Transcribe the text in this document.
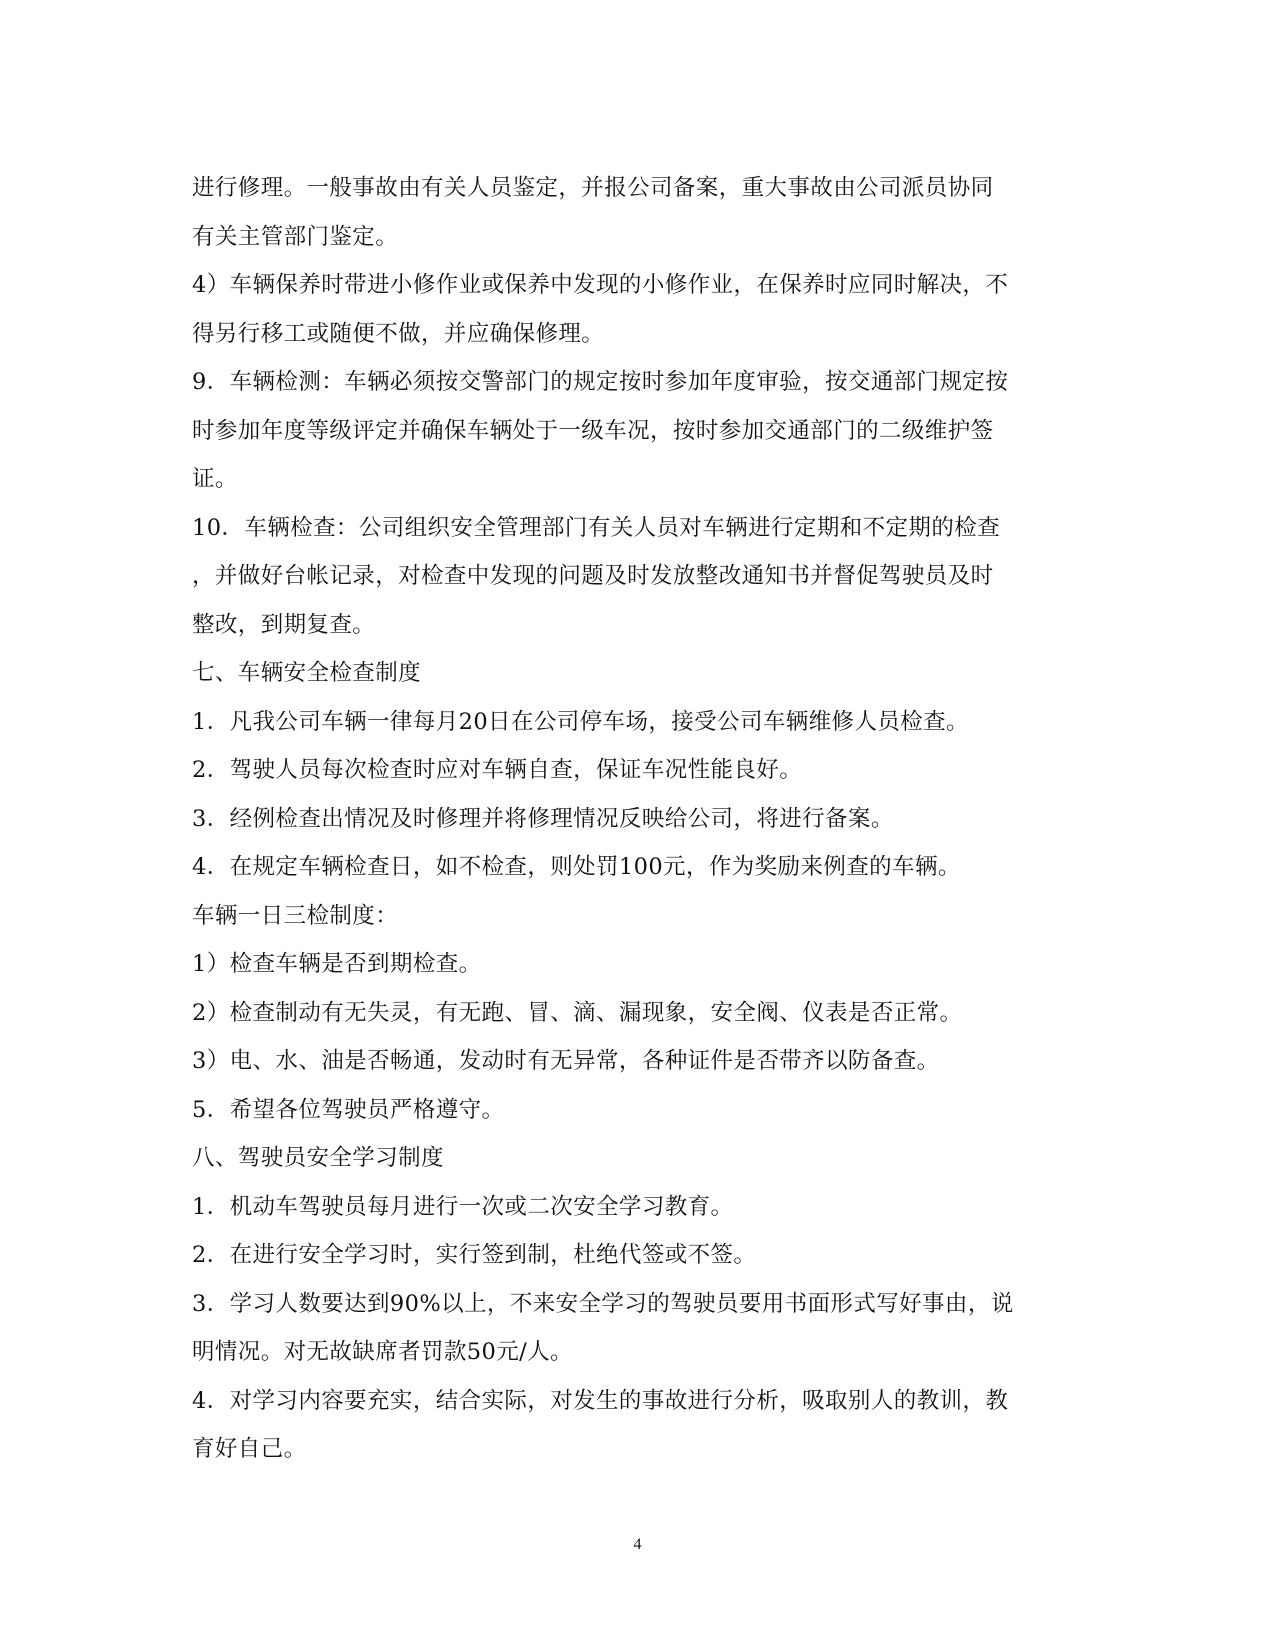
进行修理。一般事故由有关人员鉴定，并报公司备案，重大事故由公司派员协同
有关主管部门鉴定。
4）车辆保养时带进小修作业或保养中发现的小修作业，在保养时应同时解决，不
得另行移工或随便不做，并应确保修理。
9．车辆检测：车辆必须按交警部门的规定按时参加年度审验，按交通部门规定按
时参加年度等级评定并确保车辆处于一级车况，按时参加交通部门的二级维护签
证。
10．车辆检查：公司组织安全管理部门有关人员对车辆进行定期和不定期的检查
，并做好台帐记录，对检查中发现的问题及时发放整改通知书并督促驾驶员及时
整改，到期复查。
七、车辆安全检查制度
1．凡我公司车辆一律每月20日在公司停车场，接受公司车辆维修人员检查。
2．驾驶人员每次检查时应对车辆自查，保证车况性能良好。
3．经例检查出情况及时修理并将修理情况反映给公司，将进行备案。
4．在规定车辆检查日，如不检查，则处罚100元，作为奖励来例查的车辆。
车辆一日三检制度：
1）检查车辆是否到期检查。
2）检查制动有无失灵，有无跑、冒、滴、漏现象，安全阀、仪表是否正常。
3）电、水、油是否畅通，发动时有无异常，各种证件是否带齐以防备查。
5．希望各位驾驶员严格遵守。
八、驾驶员安全学习制度
1．机动车驾驶员每月进行一次或二次安全学习教育。
2．在进行安全学习时，实行签到制，杜绝代签或不签。
3．学习人数要达到90%以上，不来安全学习的驾驶员要用书面形式写好事由，说
明情况。对无故缺席者罚款50元/人。
4．对学习内容要充实，结合实际，对发生的事故进行分析，吸取别人的教训，教
育好自己。
4
